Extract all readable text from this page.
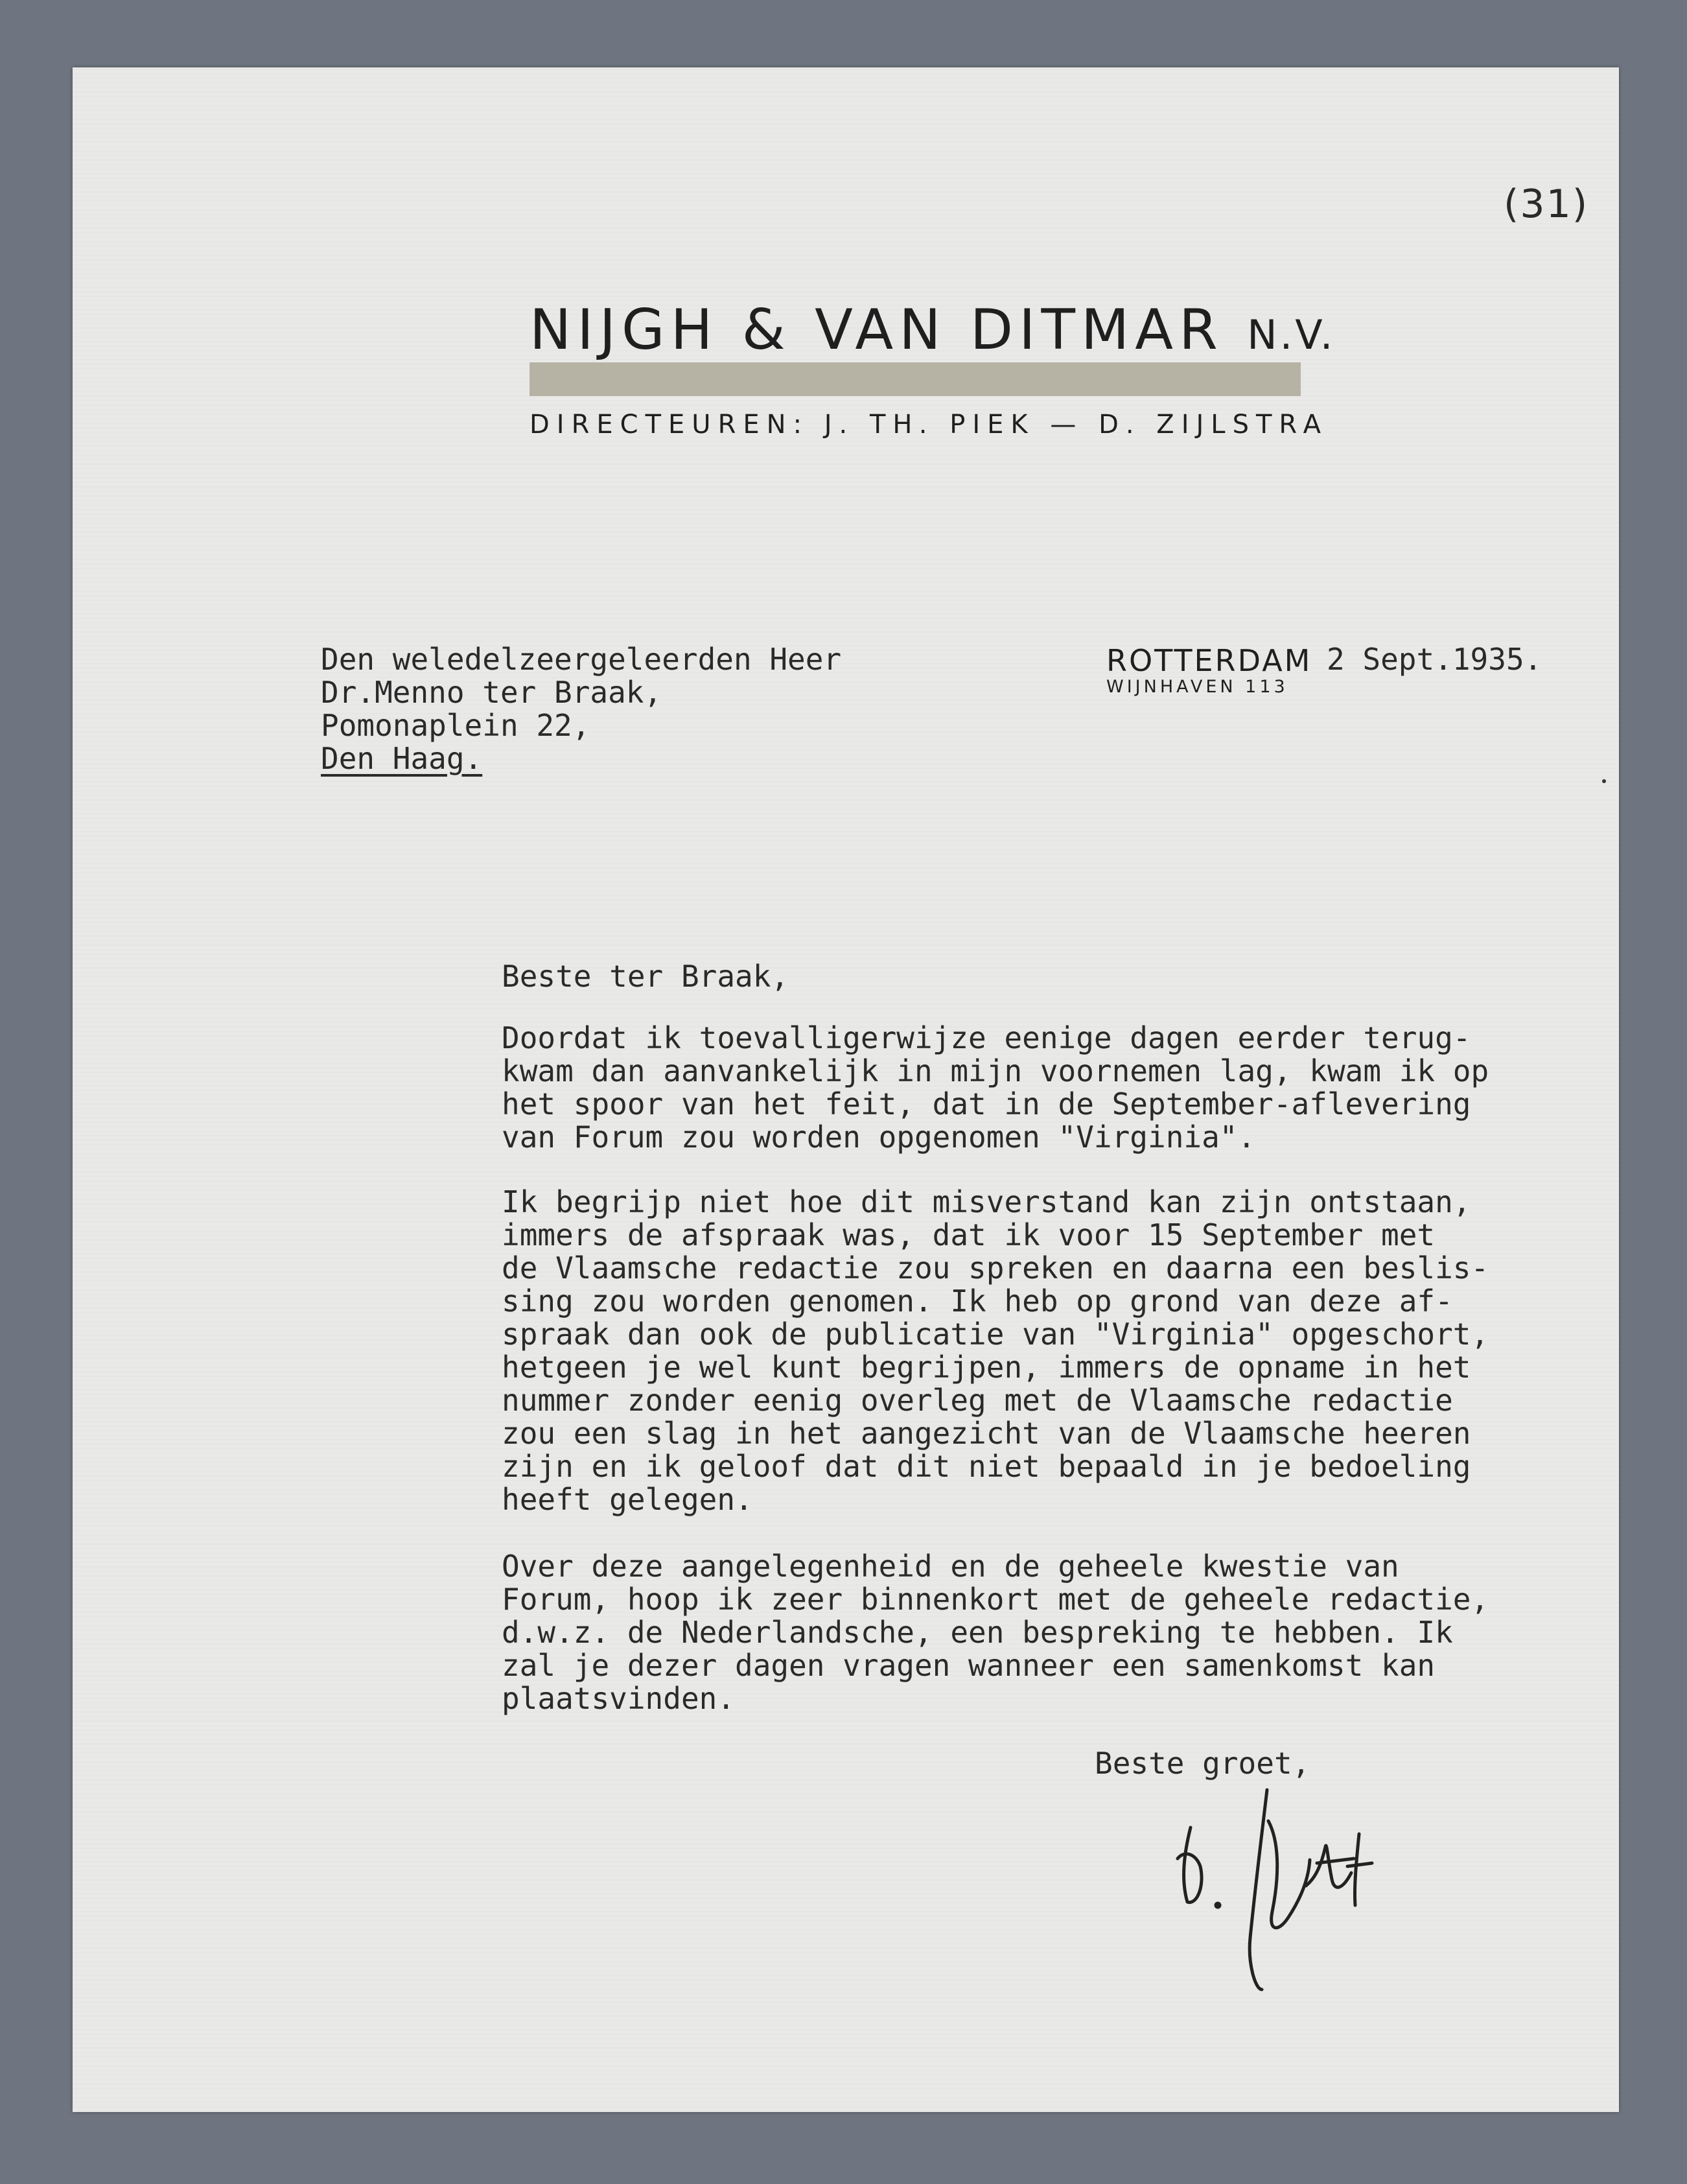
(31)
NIJGH & VAN DITMAR N.V.
DIRECTEUREN: J. TH. PIEK — D. ZIJLSTRA
Den weledelzeergeleerden Heer
Dr.Menno ter Braak,
Pomonaplein 22,
Den Haag.
ROTTERDAM
WIJNHAVEN 113
2 Sept.1935.
Beste ter Braak,
Doordat ik toevalligerwijze eenige dagen eerder terug-
kwam dan aanvankelijk in mijn voornemen lag, kwam ik op
het spoor van het feit, dat in de September-aflevering
van Forum zou worden opgenomen "Virginia".
Ik begrijp niet hoe dit misverstand kan zijn ontstaan,
immers de afspraak was, dat ik voor 15 September met
de Vlaamsche redactie zou spreken en daarna een beslis-
sing zou worden genomen. Ik heb op grond van deze af-
spraak dan ook de publicatie van "Virginia" opgeschort,
hetgeen je wel kunt begrijpen, immers de opname in het
nummer zonder eenig overleg met de Vlaamsche redactie
zou een slag in het aangezicht van de Vlaamsche heeren
zijn en ik geloof dat dit niet bepaald in je bedoeling
heeft gelegen.
Over deze aangelegenheid en de geheele kwestie van
Forum, hoop ik zeer binnenkort met de geheele redactie,
d.w.z. de Nederlandsche, een bespreking te hebben. Ik
zal je dezer dagen vragen wanneer een samenkomst kan
plaatsvinden.
Beste groet,
